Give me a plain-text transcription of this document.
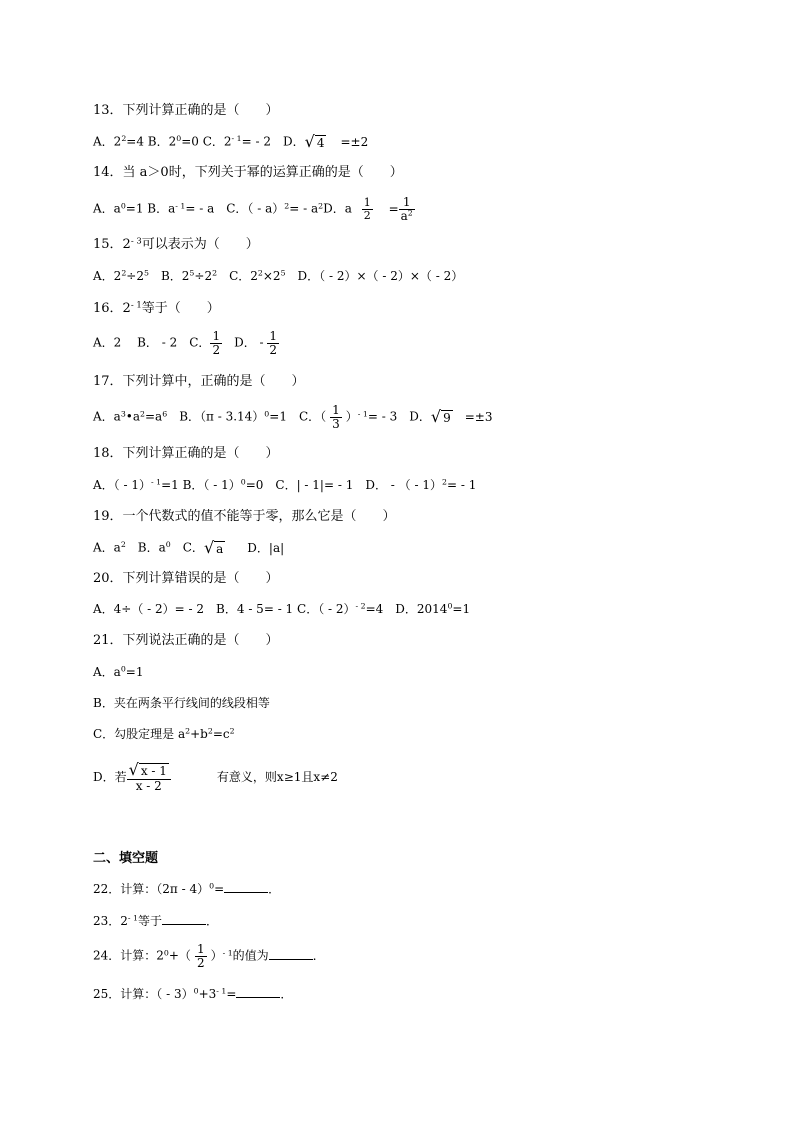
13．下列计算正确的是（　　）
A．$2^2=4$ B．$2^0=0$ C．$2^{- 1}= - 2$　D．√ 4 =±2
14．当 a＞0时，下列关于幂的运算正确的是（　　）
A．$a^0=1$ B．$a^{- 1}= - a$　C．（ - $a)^2= - a^2D$．a $\frac{1}{2} = \frac{1}{a^2}$
15．$2^{- 3}$可以表示为（　　）
A．$2^2\div 2^5$　B．$2^5\div 2^2$　C．$2^2\times 2^5$　D．（ - 2）×（ - 2）×（ - 2）
16．$2^{- 1}$等于（　　）
A．2　 B． - 2　C． $\frac{1}{2}$ 　D． - $\frac{1}{2}$
17．下列计算中，正确的是（　　）
A．$a^3•a^2=a^6$　B．（π - 3.14）$^0$=1　C．（ $\frac{1}{3} )^{- 1}= - 3$　D．√ 9 =±3
18．下列计算正确的是（　　）
A．（ - 1）$^{- 1}$=1 B．（ - 1）$^0$=0　C．| - 1|= - 1　D． - （ - 1）$^2$= - 1
19．一个代数式的值不能等于零，那么它是（　　）
A．$a^2$　B．$a^0$　C．√ a　D．|a|
20．下列计算错误的是（　　）
A．4÷（ - 2）= - 2　B．4 - 5= - 1 C．（ - 2）$^{- 2}$=4　D．$2014^0=1$
21．下列说法正确的是（　　）
A．$a^0=1$
B．夹在两条平行线间的线段相等
C．勾股定理是 $a^2+b^2=c^2$
D．若 $\frac{√ x - 1}{x - 2}$	有意义，则x≥1且x≠2
二、填空题
22．计算：（2π - 4）$^0$=	．
23．$2^{- 1}$等于	．
24．计算：$2^0+( \frac{1}{2} )^{- 1}$的值为	．
25．计算：（ - $3)^0+3^{- 1}=$	．
